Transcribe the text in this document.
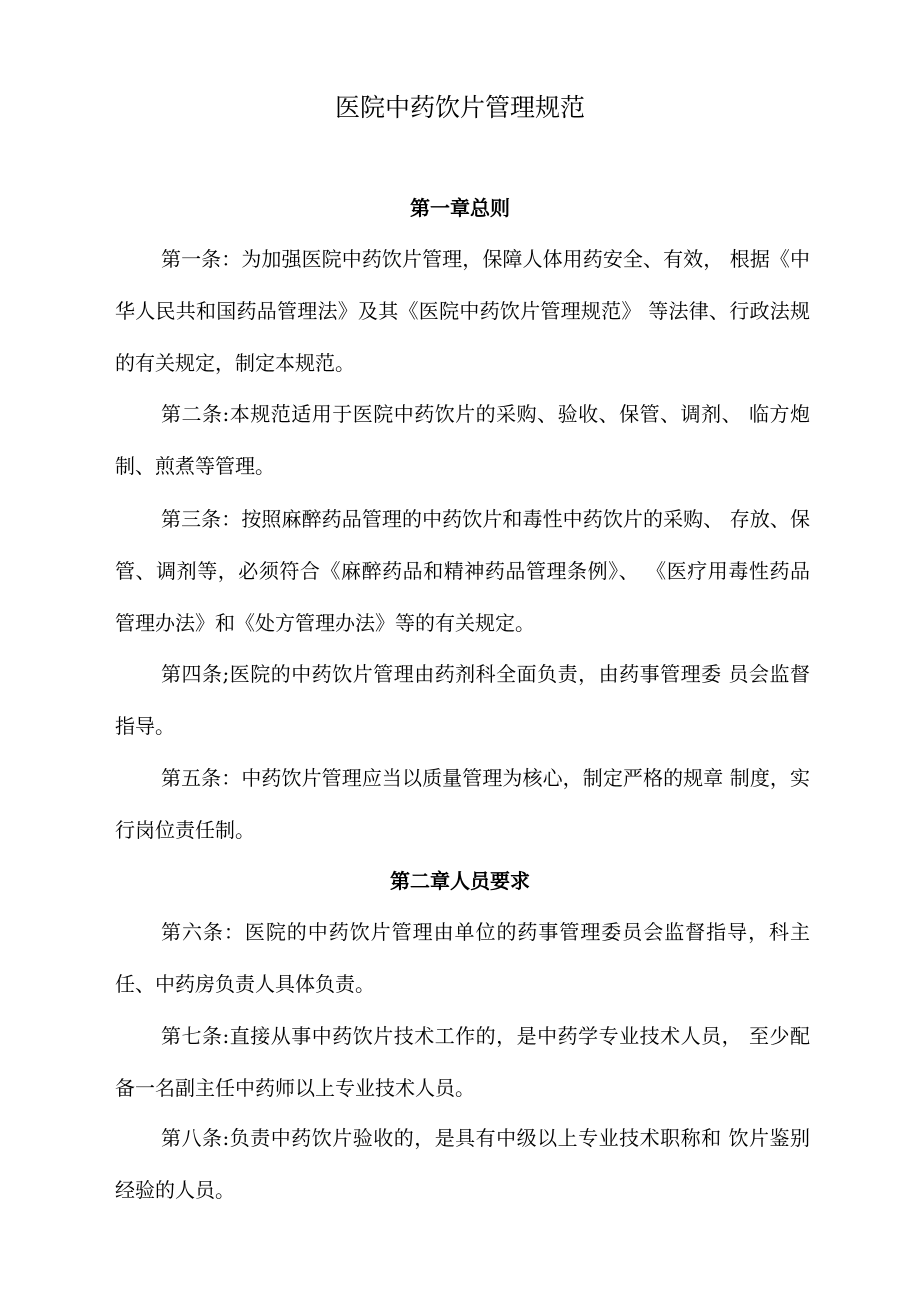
医院中药饮片管理规范
第一章总则

第一条：为加强医院中药饮片管理，保障人体用药安全、有效， 根据《中华人民共和国药品管理法》及其《医院中药饮片管理规范》 等法律、行政法规的有关规定，制定本规范。

第二条:本规范适用于医院中药饮片的采购、验收、保管、调剂、 临方炮制、煎煮等管理。

第三条：按照麻醉药品管理的中药饮片和毒性中药饮片的采购、 存放、保管、调剂等，必须符合《麻醉药品和精神药品管理条例》、 《医疗用毒性药品管理办法》和《处方管理办法》等的有关规定。

第四条;医院的中药饮片管理由药剂科全面负责，由药事管理委 员会监督指导。

第五条：中药饮片管理应当以质量管理为核心，制定严格的规章 制度，实行岗位责任制。

第二章人员要求

第六条：医院的中药饮片管理由单位的药事管理委员会监督指导，科主任、中药房负责人具体负责。

第七条:直接从事中药饮片技术工作的，是中药学专业技术人员， 至少配备一名副主任中药师以上专业技术人员。

第八条:负责中药饮片验收的，是具有中级以上专业技术职称和 饮片鉴别经验的人员。
